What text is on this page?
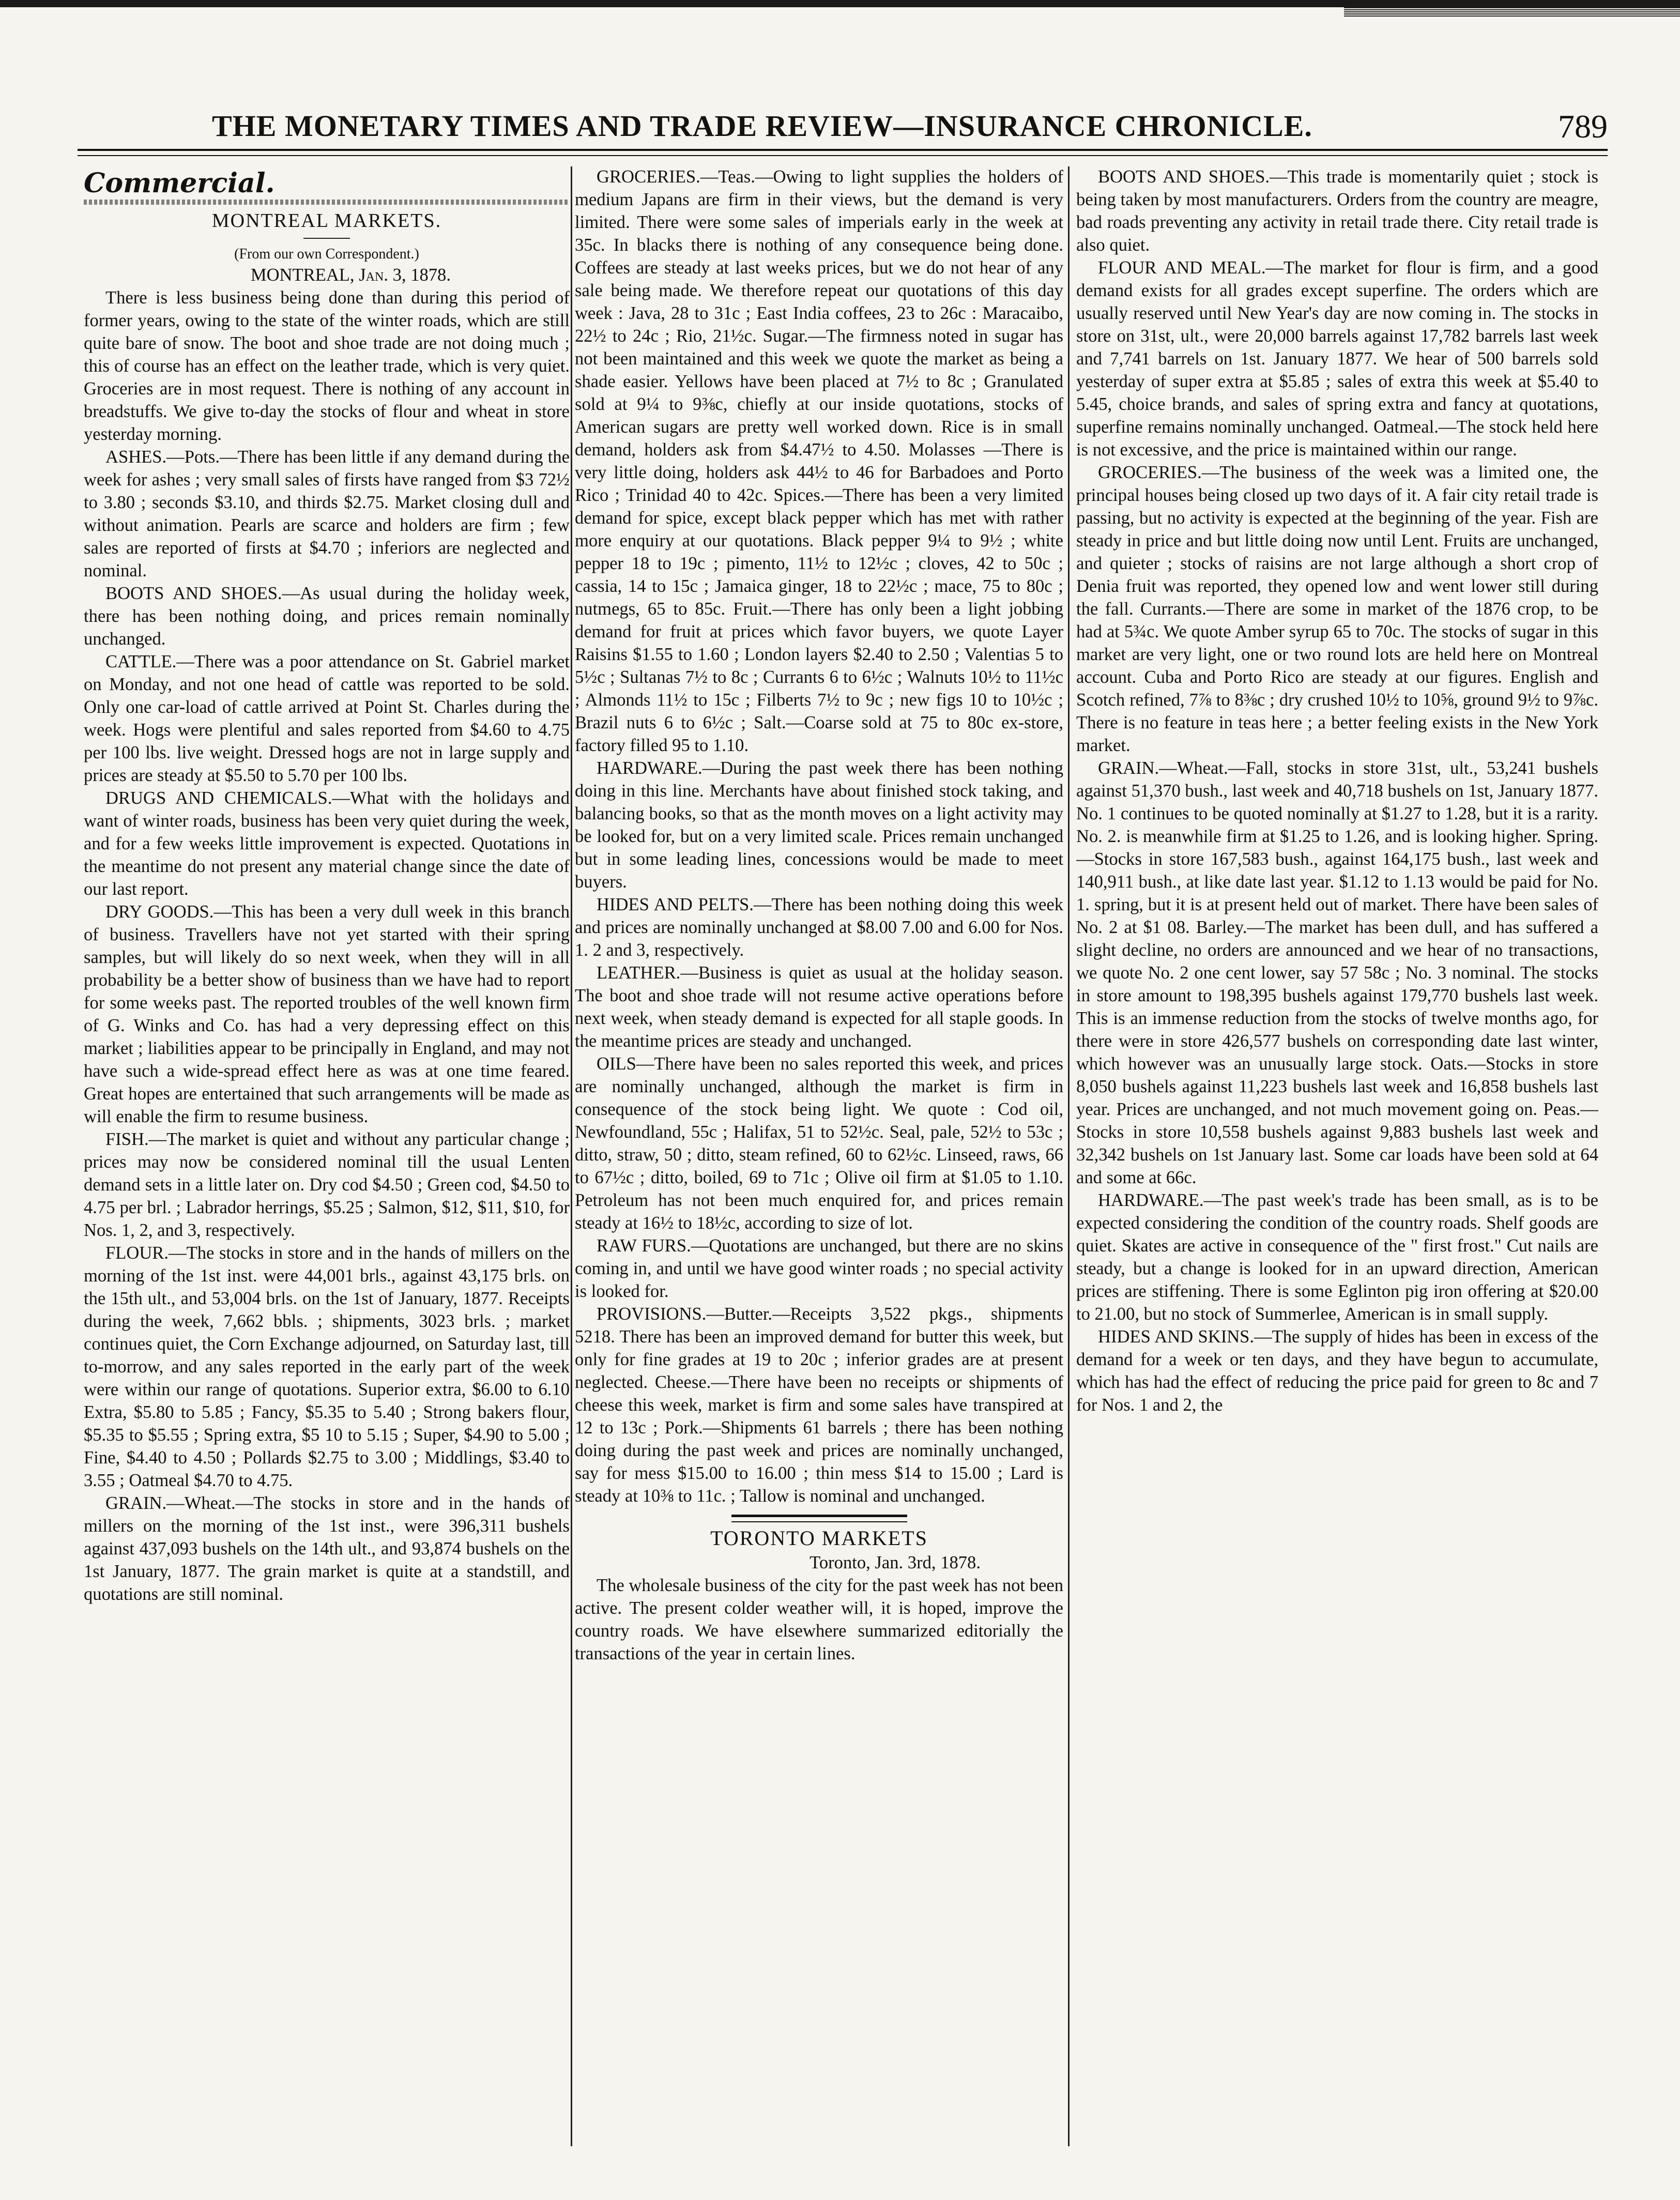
THE MONETARY TIMES AND TRADE REVIEW—INSURANCE CHRONICLE.	789

Commercial.

MONTREAL MARKETS.

(From our own Correspondent.)

MONTREAL, Jan. 3, 1878.

There is less business being done than during this period of former years, owing to the state of the winter roads, which are still quite bare of snow. The boot and shoe trade are not doing much ; this of course has an effect on the leather trade, which is very quiet. Groceries are in most request. There is nothing of any account in breadstuffs. We give to-day the stocks of flour and wheat in store yesterday morning.

ASHES.—Pots.—There has been little if any demand during the week for ashes ; very small sales of firsts have ranged from $3 72½ to 3.80 ; seconds $3.10, and thirds $2.75. Market closing dull and without animation. Pearls are scarce and holders are firm ; few sales are reported of firsts at $4.70 ; inferiors are neglected and nominal.

BOOTS AND SHOES.—As usual during the holiday week, there has been nothing doing, and prices remain nominally unchanged.

CATTLE.—There was a poor attendance on St. Gabriel market on Monday, and not one head of cattle was reported to be sold. Only one car-load of cattle arrived at Point St. Charles during the week. Hogs were plentiful and sales reported from $4.60 to 4.75 per 100 lbs. live weight. Dressed hogs are not in large supply and prices are steady at $5.50 to 5.70 per 100 lbs.

DRUGS AND CHEMICALS.—What with the holidays and want of winter roads, business has been very quiet during the week, and for a few weeks little improvement is expected. Quotations in the meantime do not present any material change since the date of our last report.

DRY GOODS.—This has been a very dull week in this branch of business. Travellers have not yet started with their spring samples, but will likely do so next week, when they will in all probability be a better show of business than we have had to report for some weeks past. The reported troubles of the well known firm of G. Winks and Co. has had a very depressing effect on this market ; liabilities appear to be principally in England, and may not have such a wide-spread effect here as was at one time feared. Great hopes are entertained that such arrangements will be made as will enable the firm to resume business.

FISH.—The market is quiet and without any particular change ; prices may now be considered nominal till the usual Lenten demand sets in a little later on. Dry cod $4.50 ; Green cod, $4.50 to 4.75 per brl. ; Labrador herrings, $5.25 ; Salmon, $12, $11, $10, for Nos. 1, 2, and 3, respectively.

FLOUR.—The stocks in store and in the hands of millers on the morning of the 1st inst. were 44,001 brls., against 43,175 brls. on the 15th ult., and 53,004 brls. on the 1st of January, 1877. Receipts during the week, 7,662 bbls. ; shipments, 3023 brls. ; market continues quiet, the Corn Exchange adjourned, on Saturday last, till to-morrow, and any sales reported in the early part of the week were within our range of quotations. Superior extra, $6.00 to 6.10 Extra, $5.80 to 5.85 ; Fancy, $5.35 to 5.40 ; Strong bakers flour, $5.35 to $5.55 ; Spring extra, $5 10 to 5.15 ; Super, $4.90 to 5.00 ; Fine, $4.40 to 4.50 ; Pollards $2.75 to 3.00 ; Middlings, $3.40 to 3.55 ; Oatmeal $4.70 to 4.75.

GRAIN.—Wheat.—The stocks in store and in the hands of millers on the morning of the 1st inst., were 396,311 bushels against 437,093 bushels on the 14th ult., and 93,874 bushels on the 1st January, 1877. The grain market is quite at a standstill, and quotations are still nominal.

GROCERIES.—Teas.—Owing to light supplies the holders of medium Japans are firm in their views, but the demand is very limited. There were some sales of imperials early in the week at 35c. In blacks there is nothing of any consequence being done. Coffees are steady at last weeks prices, but we do not hear of any sale being made. We therefore repeat our quotations of this day week : Java, 28 to 31c ; East India coffees, 23 to 26c : Maracaibo, 22½ to 24c ; Rio, 21½c. Sugar.—The firmness noted in sugar has not been maintained and this week we quote the market as being a shade easier. Yellows have been placed at 7½ to 8c ; Granulated sold at 9¼ to 9⅜c, chiefly at our inside quotations, stocks of American sugars are pretty well worked down. Rice is in small demand, holders ask from $4.47½ to 4.50. Molasses —There is very little doing, holders ask 44½ to 46 for Barbadoes and Porto Rico ; Trinidad 40 to 42c. Spices.—There has been a very limited demand for spice, except black pepper which has met with rather more enquiry at our quotations. Black pepper 9¼ to 9½ ; white pepper 18 to 19c ; pimento, 11½ to 12½c ; cloves, 42 to 50c ; cassia, 14 to 15c ; Jamaica ginger, 18 to 22½c ; mace, 75 to 80c ; nutmegs, 65 to 85c. Fruit.—There has only been a light jobbing demand for fruit at prices which favor buyers, we quote Layer Raisins $1.55 to 1.60 ; London layers $2.40 to 2.50 ; Valentias 5 to 5½c ; Sultanas 7½ to 8c ; Currants 6 to 6½c ; Walnuts 10½ to 11½c ; Almonds 11½ to 15c ; Filberts 7½ to 9c ; new figs 10 to 10½c ; Brazil nuts 6 to 6½c ; Salt.—Coarse sold at 75 to 80c ex-store, factory filled 95 to 1.10.

HARDWARE.—During the past week there has been nothing doing in this line. Merchants have about finished stock taking, and balancing books, so that as the month moves on a light activity may be looked for, but on a very limited scale. Prices remain unchanged but in some leading lines, concessions would be made to meet buyers.

HIDES AND PELTS.—There has been nothing doing this week and prices are nominally unchanged at $8.00 7.00 and 6.00 for Nos. 1. 2 and 3, respectively.

LEATHER.—Business is quiet as usual at the holiday season. The boot and shoe trade will not resume active operations before next week, when steady demand is expected for all staple goods. In the meantime prices are steady and unchanged.

OILS—There have been no sales reported this week, and prices are nominally unchanged, although the market is firm in consequence of the stock being light. We quote : Cod oil, Newfoundland, 55c ; Halifax, 51 to 52½c. Seal, pale, 52½ to 53c ; ditto, straw, 50 ; ditto, steam refined, 60 to 62½c. Linseed, raws, 66 to 67½c ; ditto, boiled, 69 to 71c ; Olive oil firm at $1.05 to 1.10. Petroleum has not been much enquired for, and prices remain steady at 16½ to 18½c, according to size of lot.

RAW FURS.—Quotations are unchanged, but there are no skins coming in, and until we have good winter roads ; no special activity is looked for.

PROVISIONS.—Butter.—Receipts 3,522 pkgs., shipments 5218. There has been an improved demand for butter this week, but only for fine grades at 19 to 20c ; inferior grades are at present neglected. Cheese.—There have been no receipts or shipments of cheese this week, market is firm and some sales have transpired at 12 to 13c ; Pork.—Shipments 61 barrels ; there has been nothing doing during the past week and prices are nominally unchanged, say for mess $15.00 to 16.00 ; thin mess $14 to 15.00 ; Lard is steady at 10⅜ to 11c. ; Tallow is nominal and unchanged.

TORONTO MARKETS

Toronto, Jan. 3rd, 1878.

The wholesale business of the city for the past week has not been active. The present colder weather will, it is hoped, improve the country roads. We have elsewhere summarized editorially the transactions of the year in certain lines.

BOOTS AND SHOES.—This trade is momentarily quiet ; stock is being taken by most manufacturers. Orders from the country are meagre, bad roads preventing any activity in retail trade there. City retail trade is also quiet.

FLOUR AND MEAL.—The market for flour is firm, and a good demand exists for all grades except superfine. The orders which are usually reserved until New Year's day are now coming in. The stocks in store on 31st, ult., were 20,000 barrels against 17,782 barrels last week and 7,741 barrels on 1st. January 1877. We hear of 500 barrels sold yesterday of super extra at $5.85 ; sales of extra this week at $5.40 to 5.45, choice brands, and sales of spring extra and fancy at quotations, superfine remains nominally unchanged. Oatmeal.—The stock held here is not excessive, and the price is maintained within our range.

GROCERIES.—The business of the week was a limited one, the principal houses being closed up two days of it. A fair city retail trade is passing, but no activity is expected at the beginning of the year. Fish are steady in price and but little doing now until Lent. Fruits are unchanged, and quieter ; stocks of raisins are not large although a short crop of Denia fruit was reported, they opened low and went lower still during the fall. Currants.—There are some in market of the 1876 crop, to be had at 5¾c. We quote Amber syrup 65 to 70c. The stocks of sugar in this market are very light, one or two round lots are held here on Montreal account. Cuba and Porto Rico are steady at our figures. English and Scotch refined, 7⅞ to 8⅜c ; dry crushed 10½ to 10⅝, ground 9½ to 9⅞c. There is no feature in teas here ; a better feeling exists in the New York market.

GRAIN.—Wheat.—Fall, stocks in store 31st, ult., 53,241 bushels against 51,370 bush., last week and 40,718 bushels on 1st, January 1877. No. 1 continues to be quoted nominally at $1.27 to 1.28, but it is a rarity. No. 2. is meanwhile firm at $1.25 to 1.26, and is looking higher. Spring.—Stocks in store 167,583 bush., against 164,175 bush., last week and 140,911 bush., at like date last year. $1.12 to 1.13 would be paid for No. 1. spring, but it is at present held out of market. There have been sales of No. 2 at $1 08. Barley.—The market has been dull, and has suffered a slight decline, no orders are announced and we hear of no transactions, we quote No. 2 one cent lower, say 57 58c ; No. 3 nominal. The stocks in store amount to 198,395 bushels against 179,770 bushels last week. This is an immense reduction from the stocks of twelve months ago, for there were in store 426,577 bushels on corresponding date last winter, which however was an unusually large stock. Oats.—Stocks in store 8,050 bushels against 11,223 bushels last week and 16,858 bushels last year. Prices are unchanged, and not much movement going on. Peas.—Stocks in store 10,558 bushels against 9,883 bushels last week and 32,342 bushels on 1st January last. Some car loads have been sold at 64 and some at 66c.

HARDWARE.—The past week's trade has been small, as is to be expected considering the condition of the country roads. Shelf goods are quiet. Skates are active in consequence of the " first frost." Cut nails are steady, but a change is looked for in an upward direction, American prices are stiffening. There is some Eglinton pig iron offering at $20.00 to 21.00, but no stock of Summerlee, American is in small supply.

HIDES AND SKINS.—The supply of hides has been in excess of the demand for a week or ten days, and they have begun to accumulate, which has had the effect of reducing the price paid for green to 8c and 7 for Nos. 1 and 2, the
